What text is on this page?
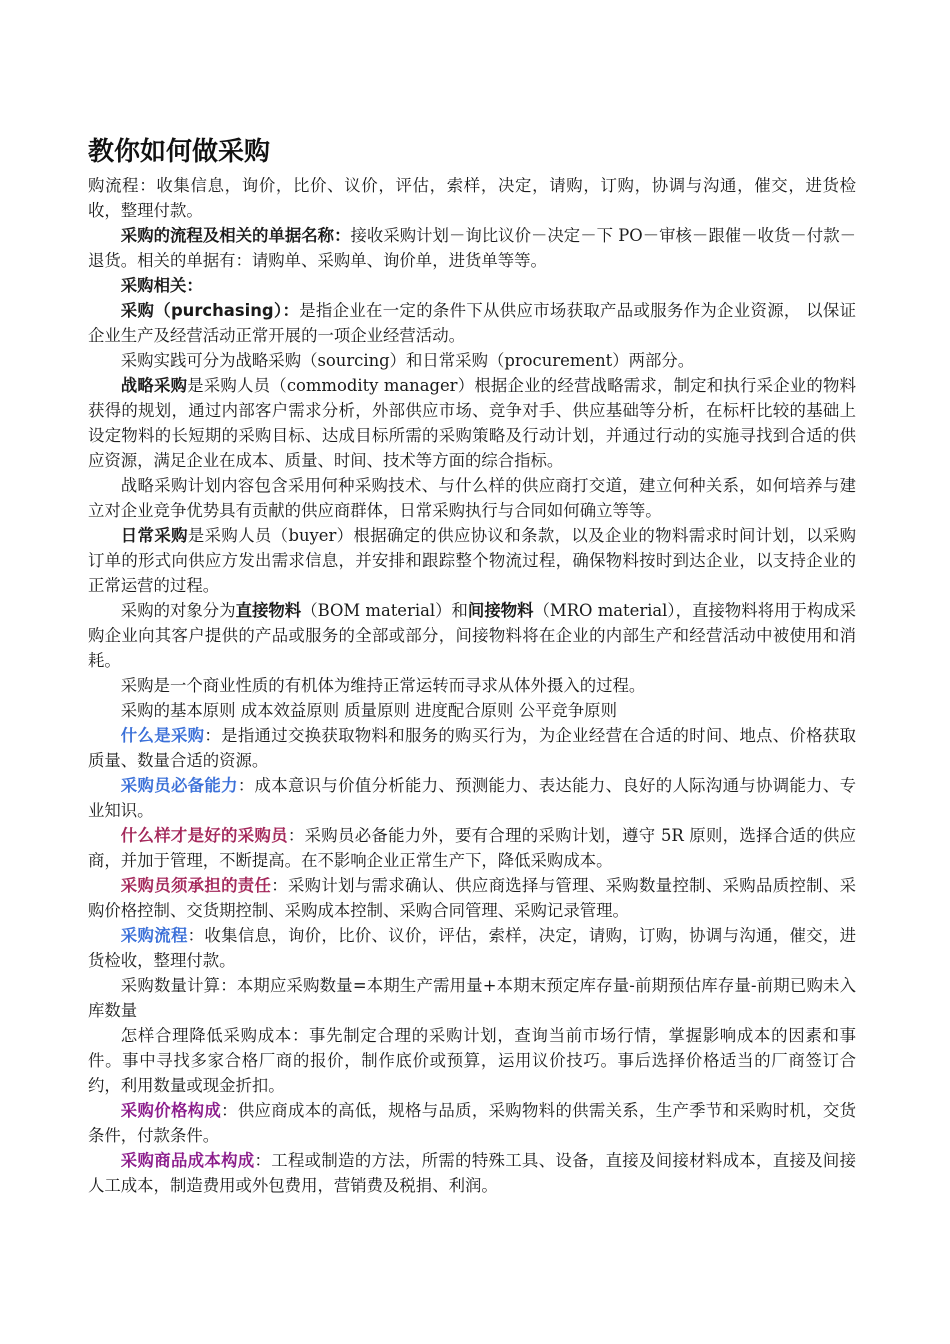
教你如何做采购

购流程：收集信息，询价，比价、议价，评估，索样，决定，请购，订购，协调与沟通，催交，进货检收，整理付款。

采购的流程及相关的单据名称：接收采购计划－询比议价－决定－下 PO－审核－跟催－收货－付款－退货。相关的单据有：请购单、采购单、询价单，进货单等等。

采购相关：

采购（purchasing）：是指企业在一定的条件下从供应市场获取产品或服务作为企业资源， 以保证企业生产及经营活动正常开展的一项企业经营活动。

采购实践可分为战略采购（sourcing）和日常采购（procurement）两部分。

战略采购是采购人员（commodity manager）根据企业的经营战略需求，制定和执行采企业的物料获得的规划，通过内部客户需求分析，外部供应市场、竞争对手、供应基础等分析，在标杆比较的基础上设定物料的长短期的采购目标、达成目标所需的采购策略及行动计划，并通过行动的实施寻找到合适的供应资源，满足企业在成本、质量、时间、技术等方面的综合指标。

战略采购计划内容包含采用何种采购技术、与什么样的供应商打交道，建立何种关系，如何培养与建立对企业竞争优势具有贡献的供应商群体，日常采购执行与合同如何确立等等。

日常采购是采购人员（buyer）根据确定的供应协议和条款，以及企业的物料需求时间计划，以采购订单的形式向供应方发出需求信息，并安排和跟踪整个物流过程，确保物料按时到达企业，以支持企业的正常运营的过程。

采购的对象分为直接物料（BOM material）和间接物料（MRO material），直接物料将用于构成采购企业向其客户提供的产品或服务的全部或部分，间接物料将在企业的内部生产和经营活动中被使用和消耗。

采购是一个商业性质的有机体为维持正常运转而寻求从体外摄入的过程。

采购的基本原则 成本效益原则 质量原则 进度配合原则 公平竞争原则

什么是采购：是指通过交换获取物料和服务的购买行为，为企业经营在合适的时间、地点、价格获取质量、数量合适的资源。

采购员必备能力：成本意识与价值分析能力、预测能力、表达能力、良好的人际沟通与协调能力、专业知识。

什么样才是好的采购员：采购员必备能力外，要有合理的采购计划，遵守 5R 原则，选择合适的供应商，并加于管理，不断提高。在不影响企业正常生产下，降低采购成本。

采购员须承担的责任：采购计划与需求确认、供应商选择与管理、采购数量控制、采购品质控制、采购价格控制、交货期控制、采购成本控制、采购合同管理、采购记录管理。

采购流程：收集信息，询价，比价、议价，评估，索样，决定，请购，订购，协调与沟通，催交，进货检收，整理付款。

采购数量计算：本期应采购数量=本期生产需用量+本期末预定库存量-前期预估库存量-前期已购未入库数量

怎样合理降低采购成本：事先制定合理的采购计划，查询当前市场行情，掌握影响成本的因素和事件。事中寻找多家合格厂商的报价，制作底价或预算，运用议价技巧。事后选择价格适当的厂商签订合约，利用数量或现金折扣。

采购价格构成：供应商成本的高低，规格与品质，采购物料的供需关系，生产季节和采购时机，交货条件，付款条件。

采购商品成本构成：工程或制造的方法，所需的特殊工具、设备，直接及间接材料成本，直接及间接人工成本，制造费用或外包费用，营销费及税捐、利润。
